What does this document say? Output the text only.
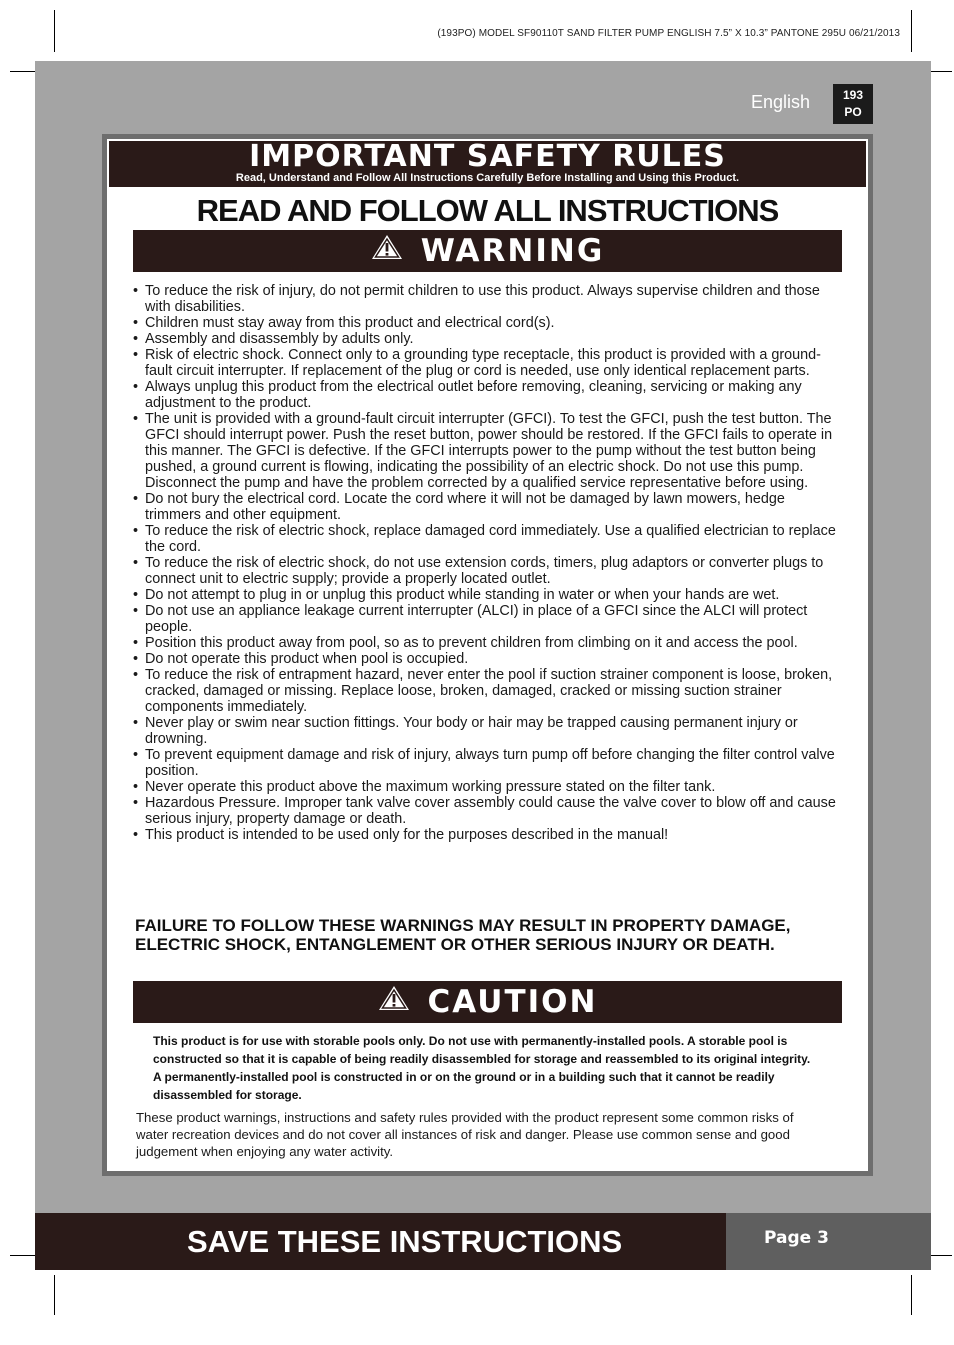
(193PO) MODEL SF90110T SAND FILTER PUMP ENGLISH 7.5” X 10.3” PANTONE 295U 06/21/2013
English	193
PO
IMPORTANT SAFETY RULES
Read, Understand and Follow All Instructions Carefully Before Installing and Using this Product.
READ AND FOLLOW ALL INSTRUCTIONS
WARNING
• To reduce the risk of injury, do not permit children to use this product. Always supervise children and those with disabilities.
• Children must stay away from this product and electrical cord(s).
• Assembly and disassembly by adults only.
• Risk of electric shock. Connect only to a grounding type receptacle, this product is provided with a ground-fault circuit interrupter. If replacement of the plug or cord is needed, use only identical replacement parts.
• Always unplug this product from the electrical outlet before removing, cleaning, servicing or making any adjustment to the product.
• The unit is provided with a ground-fault circuit interrupter (GFCI). To test the GFCI, push the test button. The GFCI should interrupt power. Push the reset button, power should be restored. If the GFCI fails to operate in this manner. The GFCI is defective. If the GFCI interrupts power to the pump without the test button being pushed, a ground current is flowing, indicating the possibility of an electric shock. Do not use this pump. Disconnect the pump and have the problem corrected by a qualified service representative before using.
• Do not bury the electrical cord. Locate the cord where it will not be damaged by lawn mowers, hedge trimmers and other equipment.
• To reduce the risk of electric shock, replace damaged cord immediately. Use a qualified electrician to replace the cord.
• To reduce the risk of electric shock, do not use extension cords, timers, plug adaptors or converter plugs to connect unit to electric supply; provide a properly located outlet.
• Do not attempt to plug in or unplug this product while standing in water or when your hands are wet.
• Do not use an appliance leakage current interrupter (ALCI) in place of a GFCI since the ALCI will protect people.
• Position this product away from pool, so as to prevent children from climbing on it and access the pool.
• Do not operate this product when pool is occupied.
• To reduce the risk of entrapment hazard, never enter the pool if suction strainer component is loose, broken, cracked, damaged or missing. Replace loose, broken, damaged, cracked or missing suction strainer components immediately.
• Never play or swim near suction fittings. Your body or hair may be trapped causing permanent injury or drowning.
• To prevent equipment damage and risk of injury, always turn pump off before changing the filter control valve position.
• Never operate this product above the maximum working pressure stated on the filter tank.
• Hazardous Pressure. Improper tank valve cover assembly could cause the valve cover to blow off and cause serious injury, property damage or death.
• This product is intended to be used only for the purposes described in the manual!
FAILURE TO FOLLOW THESE WARNINGS MAY RESULT IN PROPERTY DAMAGE, ELECTRIC SHOCK, ENTANGLEMENT OR OTHER SERIOUS INJURY OR DEATH.
CAUTION
This product is for use with storable pools only. Do not use with permanently-installed pools. A storable pool is constructed so that it is capable of being readily disassembled for storage and reassembled to its original integrity. A permanently-installed pool is constructed in or on the ground or in a building such that it cannot be readily disassembled for storage.
These product warnings, instructions and safety rules provided with the product represent some common risks of water recreation devices and do not cover all instances of risk and danger. Please use common sense and good judgement when enjoying any water activity.
SAVE THESE INSTRUCTIONS	Page 3
